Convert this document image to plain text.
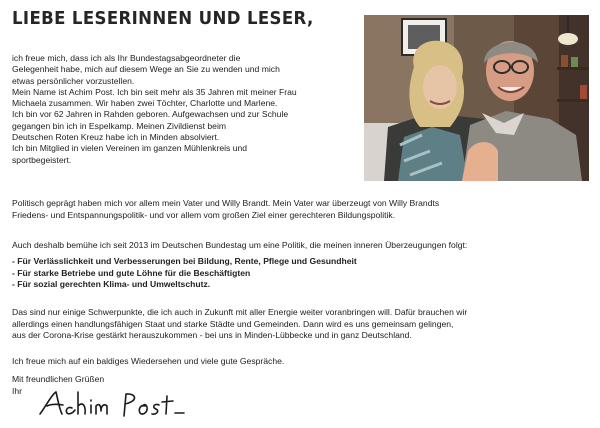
LIEBE LESERINNEN UND LESER,

ich freue mich, dass ich als Ihr Bundestagsabgeordneter die

Gelegenheit habe, mich auf diesem Wege an Sie zu wenden und mich

etwas persönlicher vorzustellen.

Mein Name ist Achim Post. Ich bin seit mehr als 35 Jahren mit meiner Frau

Michaela zusammen. Wir haben zwei Töchter, Charlotte und Marlene.

Ich bin vor 62 Jahren in Rahden geboren. Aufgewachsen und zur Schule

gegangen bin ich in Espelkamp. Meinen Zivildienst beim

Deutschen Roten Kreuz habe ich in Minden absolviert.

Ich bin Mitglied in vielen Vereinen im ganzen Mühlenkreis und

sportbegeistert.

Politisch geprägt haben mich vor allem mein Vater und Willy Brandt. Mein Vater war überzeugt von Willy Brandts

Friedens- und Entspannungspolitik- und vor allem vom großen Ziel einer gerechteren Bildungspolitik.

Auch deshalb bemühe ich seit 2013 im Deutschen Bundestag um eine Politik, die meinen inneren Überzeugungen folgt:

- Für Verlässlichkeit und Verbesserungen bei Bildung, Rente, Pflege und Gesundheit

- Für starke Betriebe und gute Löhne für die Beschäftigten

- Für sozial gerechten Klima- und Umweltschutz.

Das sind nur einige Schwerpunkte, die ich auch in Zukunft mit aller Energie weiter voranbringen will. Dafür brauchen wir

allerdings einen handlungsfähigen Staat und starke Städte und Gemeinden. Dann wird es uns gemeinsam gelingen,

aus der Corona-Krise gestärkt herauszukommen - bei uns in Minden-Lübbecke und in ganz Deutschland.

Ich freue mich auf ein baldiges Wiedersehen und viele gute Gespräche.

Mit freundlichen Grüßen

Ihr
